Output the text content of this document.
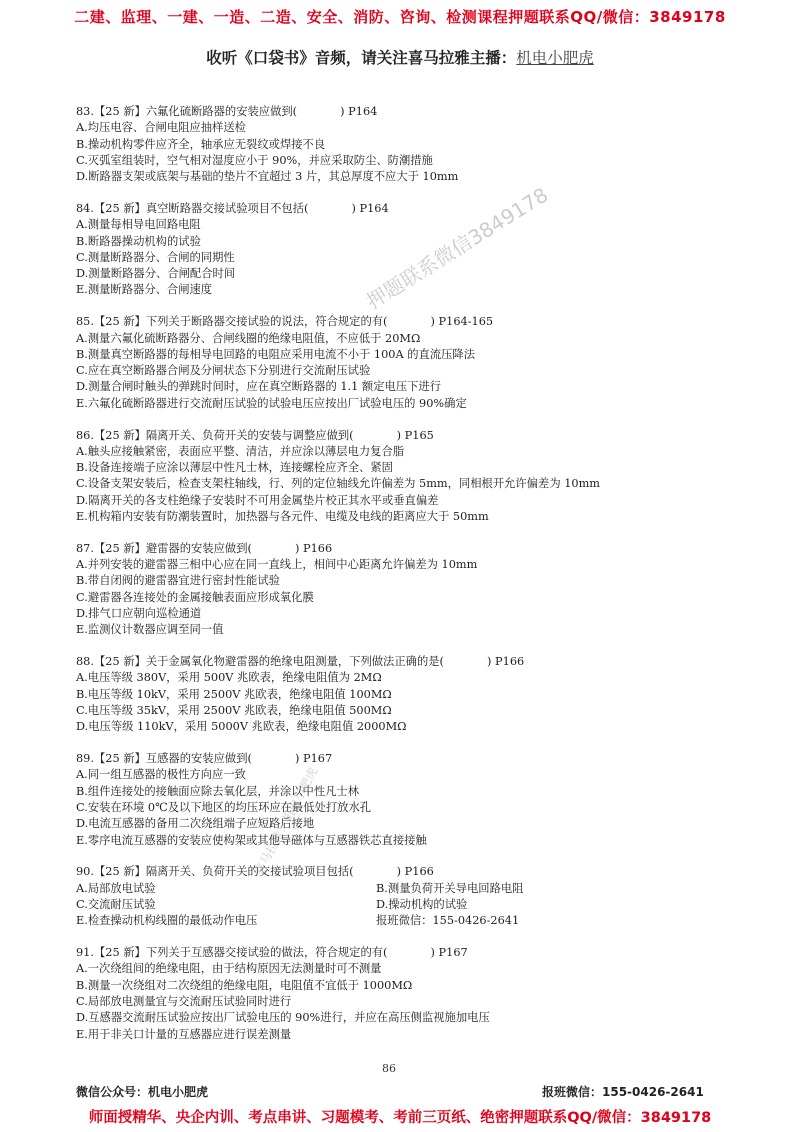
二建、监理、一建、一造、二造、安全、消防、咨询、检测课程押题联系QQ/微信：3849178
收听《口袋书》音频，请关注喜马拉雅主播：机电小肥虎
83.【25 新】六氟化硫断路器的安装应做到(            ) P164
A.均压电容、合闸电阻应抽样送检
B.操动机构零件应齐全，轴承应无裂纹或焊接不良
C.灭弧室组装时，空气相对湿度应小于 90%，并应采取防尘、防潮措施
D.断路器支架或底架与基础的垫片不宜超过 3 片，其总厚度不应大于 10mm
84.【25 新】真空断路器交接试验项目不包括(            ) P164
A.测量每相导电回路电阻
B.断路器操动机构的试验
C.测量断路器分、合闸的同期性
D.测量断路器分、合闸配合时间
E.测量断路器分、合闸速度
85.【25 新】下列关于断路器交接试验的说法，符合规定的有(            ) P164-165
A.测量六氟化硫断路器分、合闸线圈的绝缘电阻值，不应低于 20MΩ
B.测量真空断路器的每相导电回路的电阻应采用电流不小于 100A 的直流压降法
C.应在真空断路器合闸及分闸状态下分别进行交流耐压试验
D.测量合闸时触头的弹跳时间时，应在真空断路器的 1.1 额定电压下进行
E.六氟化硫断路器进行交流耐压试验的试验电压应按出厂试验电压的 90%确定
86.【25 新】隔离开关、负荷开关的安装与调整应做到(            ) P165
A.触头应接触紧密，表面应平整、清洁，并应涂以薄层电力复合脂
B.设备连接端子应涂以薄层中性凡士林，连接螺栓应齐全、紧固
C.设备支架安装后，检查支架柱轴线，行、列的定位轴线允许偏差为 5mm，同相根开允许偏差为 10mm
D.隔离开关的各支柱绝缘子安装时不可用金属垫片校正其水平或垂直偏差
E.机构箱内安装有防潮装置时，加热器与各元件、电缆及电线的距离应大于 50mm
87.【25 新】避雷器的安装应做到(            ) P166
A.并列安装的避雷器三相中心应在同一直线上，相间中心距离允许偏差为 10mm
B.带自闭阀的避雷器宜进行密封性能试验
C.避雷器各连接处的金属接触表面应形成氧化膜
D.排气口应朝向巡检通道
E.监测仪计数器应调至同一值
88.【25 新】关于金属氧化物避雷器的绝缘电阻测量，下列做法正确的是(            ) P166
A.电压等级 380V，采用 500V 兆欧表，绝缘电阻值为 2MΩ
B.电压等级 10kV，采用 2500V 兆欧表，绝缘电阻值 100MΩ
C.电压等级 35kV，采用 2500V 兆欧表，绝缘电阻值 500MΩ
D.电压等级 110kV，采用 5000V 兆欧表，绝缘电阻值 2000MΩ
89.【25 新】互感器的安装应做到(            ) P167
A.同一组互感器的极性方向应一致
B.组件连接处的接触面应除去氧化层，并涂以中性凡士林
C.安装在环境 0℃及以下地区的均压环应在最低处打放水孔
D.电流互感器的备用二次绕组端子应短路后接地
E.零序电流互感器的安装应使构架或其他导磁体与互感器铁芯直接接触
90.【25 新】隔离开关、负荷开关的交接试验项目包括(            ) P166
A.局部放电试验	B.测量负荷开关导电回路电阻
C.交流耐压试验	D.操动机构的试验
E.检查操动机构线圈的最低动作电压	报班微信：155-0426-2641
91.【25 新】下列关于互感器交接试验的做法，符合规定的有(            ) P167
A.一次绕组间的绝缘电阻，由于结构原因无法测量时可不测量
B.测量一次绕组对二次绕组的绝缘电阻，电阻值不宜低于 1000MΩ
C.局部放电测量宜与交流耐压试验同时进行
D.互感器交流耐压试验应按出厂试验电压的 90%进行，并应在高压侧监视施加电压
E.用于非关口计量的互感器应进行误差测量
押题联系微信3849178
喜马拉雅：机电小肥虎
86
微信公众号：机电小肥虎	报班微信：155-0426-2641
师面授精华、央企内训、考点串讲、习题模考、考前三页纸、绝密押题联系QQ/微信：3849178
